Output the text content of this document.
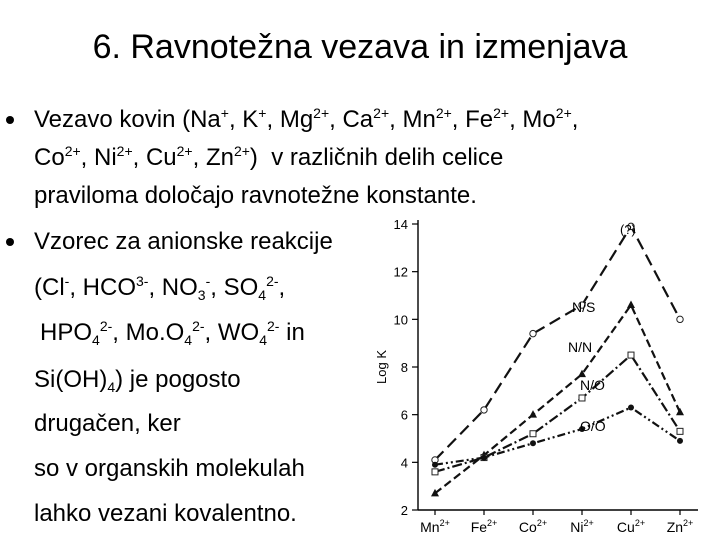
6. Ravnotežna vezava in izmenjava
Vezavo kovin (Na+, K+, $Mg^{2+}$, $Ca^{2+}$, $Mn^{2+}$, $Fe^{2+}$, $Mo^{2+}$,
$Co^{2+}$, $Ni^{2+}$, $Cu^{2+}$, $Zn^{2+}$)  v različnih delih celice
praviloma določajo ravnotežne konstante.
Vzorec za anionske reakcije
(Cl-, $HCO^{3-}$, $NO_3^-$, $SO_4^{2-}$,
$HPO_4^{2-}$, $Mo.O_4^{2-}$, $WO_4^{2-}$ in
$Si(OH)_4$) je pogosto
drugačen, ker
so v organskih molekulah
lahko vezani kovalentno.	2
4
6
8
10
12
14
Log K
$Mn^{2+}$ $Fe^{2+}$ $Co^{2+}$ $Ni^{2+}$ $Cu^{2+}$ $Zn^{2+}$
N/S
N/N
N/O
O/O
(?)
